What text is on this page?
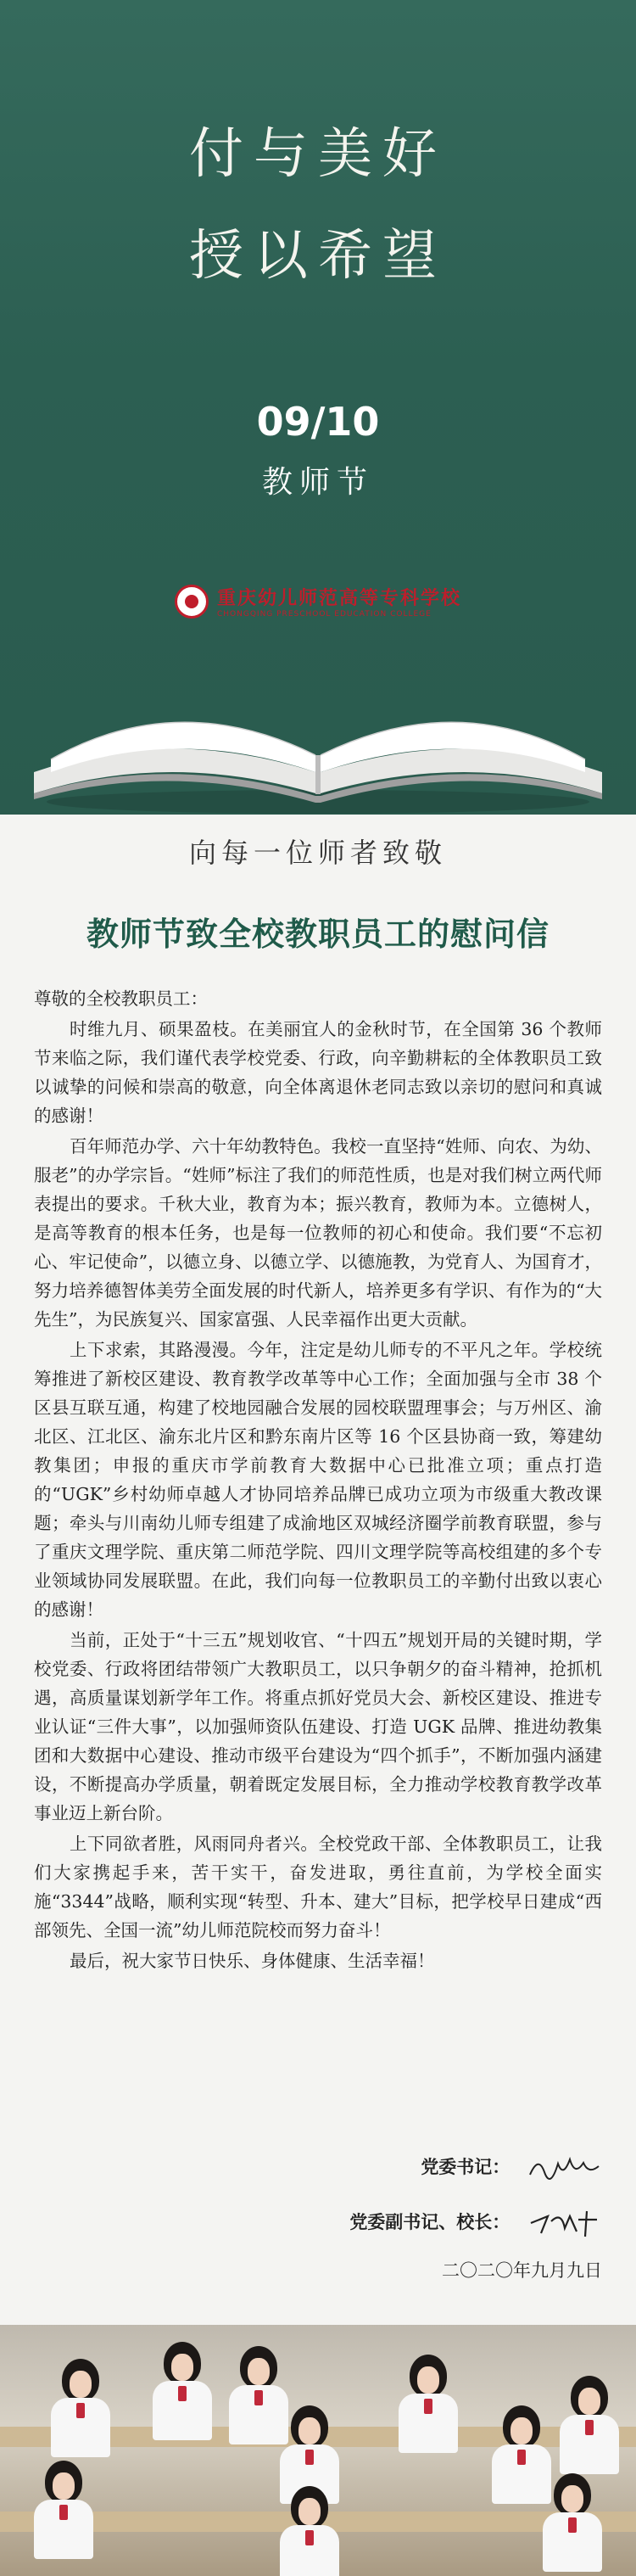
付与美好
授以希望
09/10
教师节
重庆幼儿师范高等专科学校
CHONGQING PRESCHOOL EDUCATION COLLEGE
向每一位师者致敬
教师节致全校教职员工的慰问信

尊敬的全校教职员工：

时维九月、硕果盈枝。在美丽宜人的金秋时节，在全国第 36 个教师节来临之际，我们谨代表学校党委、行政，向辛勤耕耘的全体教职员工致以诚挚的问候和崇高的敬意，向全体离退休老同志致以亲切的慰问和真诚的感谢！

百年师范办学、六十年幼教特色。我校一直坚持“姓师、向农、为幼、服老”的办学宗旨。“姓师”标注了我们的师范性质，也是对我们树立两代师表提出的要求。千秋大业，教育为本；振兴教育，教师为本。立德树人，是高等教育的根本任务，也是每一位教师的初心和使命。我们要“不忘初心、牢记使命”，以德立身、以德立学、以德施教，为党育人、为国育才，努力培养德智体美劳全面发展的时代新人，培养更多有学识、有作为的“大先生”，为民族复兴、国家富强、人民幸福作出更大贡献。

上下求索，其路漫漫。今年，注定是幼儿师专的不平凡之年。学校统筹推进了新校区建设、教育教学改革等中心工作；全面加强与全市 38 个区县互联互通，构建了校地园融合发展的园校联盟理事会；与万州区、渝北区、江北区、渝东北片区和黔东南片区等 16 个区县协商一致，筹建幼教集团；申报的重庆市学前教育大数据中心已批准立项；重点打造的“UGK”乡村幼师卓越人才协同培养品牌已成功立项为市级重大教改课题；牵头与川南幼儿师专组建了成渝地区双城经济圈学前教育联盟，参与了重庆文理学院、重庆第二师范学院、四川文理学院等高校组建的多个专业领域协同发展联盟。在此，我们向每一位教职员工的辛勤付出致以衷心的感谢！

当前，正处于“十三五”规划收官、“十四五”规划开局的关键时期，学校党委、行政将团结带领广大教职员工，以只争朝夕的奋斗精神，抢抓机遇，高质量谋划新学年工作。将重点抓好党员大会、新校区建设、推进专业认证“三件大事”，以加强师资队伍建设、打造 UGK 品牌、推进幼教集团和大数据中心建设、推动市级平台建设为“四个抓手”，不断加强内涵建设，不断提高办学质量，朝着既定发展目标，全力推动学校教育教学改革事业迈上新台阶。

上下同欲者胜，风雨同舟者兴。全校党政干部、全体教职员工，让我们大家携起手来，苦干实干，奋发进取，勇往直前，为学校全面实施“3344”战略，顺利实现“转型、升本、建大”目标，把学校早日建成“西部领先、全国一流”幼儿师范院校而努力奋斗！

最后，祝大家节日快乐、身体健康、生活幸福！

党委书记：
党委副书记、校长：
二〇二〇年九月九日
